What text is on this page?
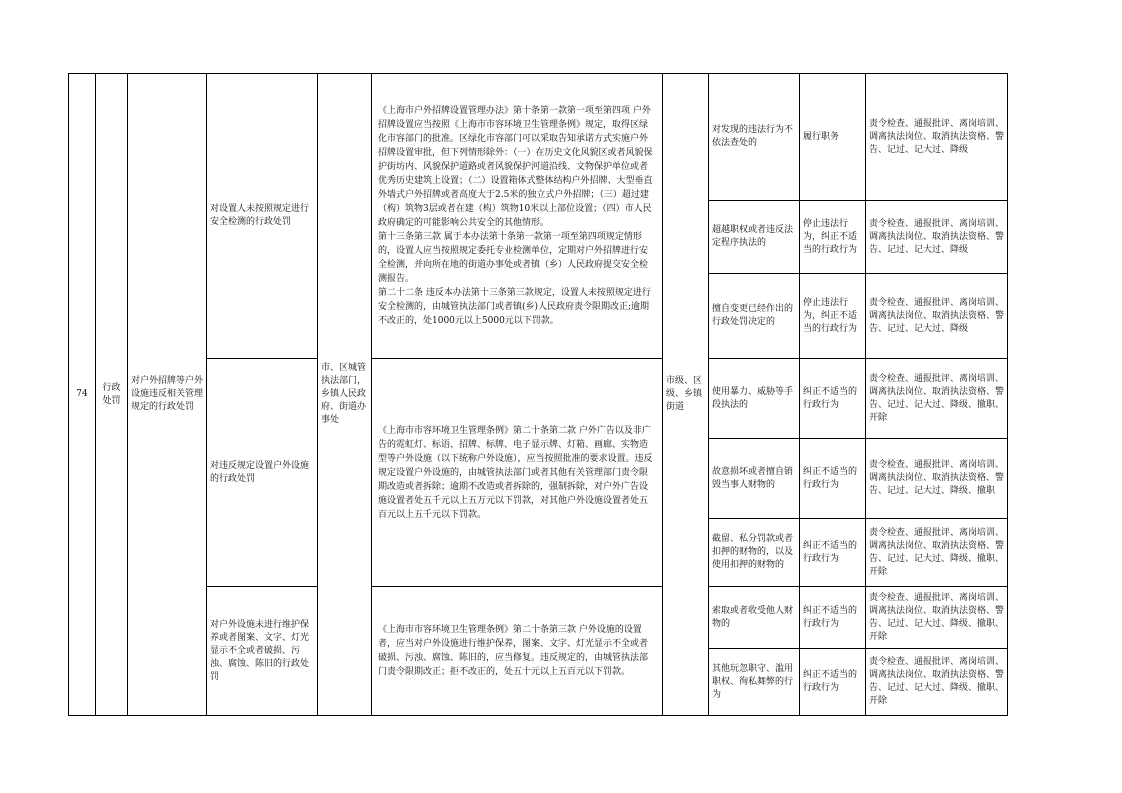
74	行政处罚	对户外招牌等户外设施违反相关管理规定的行政处罚	对设置人未按照规定进行安全检测的行政处罚	市、区城管执法部门，乡镇人民政府、街道办事处	《上海市户外招牌设置管理办法》第十条第一款第一项至第四项 户外招牌设置应当按照《上海市市容环境卫生管理条例》规定，取得区绿化市容部门的批准。区绿化市容部门可以采取告知承诺方式实施户外招牌设置审批，但下列情形除外：（一）在历史文化风貌区或者风貌保护街坊内、风貌保护道路或者风貌保护河道沿线、文物保护单位或者优秀历史建筑上设置；（二）设置箱体式整体结构户外招牌、大型垂直外墙式户外招牌或者高度大于2.5米的独立式户外招牌；（三）超过建（构）筑物3层或者在建（构）筑物10米以上部位设置；（四）市人民政府确定的可能影响公共安全的其他情形。
第十三条第三款 属于本办法第十条第一款第一项至第四项规定情形的，设置人应当按照规定委托专业检测单位，定期对户外招牌进行安全检测，并向所在地的街道办事处或者镇（乡）人民政府提交安全检测报告。
第二十二条 违反本办法第十三条第三款规定，设置人未按照规定进行安全检测的，由城管执法部门或者镇(乡)人民政府责令限期改正;逾期不改正的，处1000元以上5000元以下罚款。	市级、区级、乡镇街道	对发现的违法行为不依法查处的	履行职务	责令检查、通报批评、离岗培训、调离执法岗位、取消执法资格、警告、记过、记大过、降级
							超越职权或者违反法定程序执法的	停止违法行为，纠正不适当的行政行为	责令检查、通报批评、离岗培训、调离执法岗位、取消执法资格、警告、记过、记大过、降级
							擅自变更已经作出的行政处罚决定的	停止违法行为，纠正不适当的行政行为	责令检查、通报批评、离岗培训、调离执法岗位、取消执法资格、警告、记过、记大过、降级
			对违反规定设置户外设施的行政处罚		《上海市市容环境卫生管理条例》第二十条第二款 户外广告以及非广告的霓虹灯、标语、招牌、标牌、电子显示牌、灯箱、画廊、实物造型等户外设施（以下统称户外设施），应当按照批准的要求设置。违反规定设置户外设施的，由城管执法部门或者其他有关管理部门责令限期改造或者拆除；逾期不改造或者拆除的，强制拆除，对户外广告设施设置者处五千元以上五万元以下罚款，对其他户外设施设置者处五百元以上五千元以下罚款。		使用暴力、威胁等手段执法的	纠正不适当的行政行为	责令检查、通报批评、离岗培训、调离执法岗位、取消执法资格、警告、记过、记大过、降级、撤职、开除
							故意损坏或者擅自销毁当事人财物的	纠正不适当的行政行为	责令检查、通报批评、离岗培训、调离执法岗位、取消执法资格、警告、记过、记大过、降级、撤职
							截留、私分罚款或者扣押的财物的，以及使用扣押的财物的	纠正不适当的行政行为	责令检查、通报批评、离岗培训、调离执法岗位、取消执法资格、警告、记过、记大过、降级、撤职、开除
			对户外设施未进行维护保养或者图案、文字、灯光显示不全或者破损、污浊、腐蚀、陈旧的行政处罚		《上海市市容环境卫生管理条例》第二十条第三款 户外设施的设置者，应当对户外设施进行维护保养，图案、文字、灯光显示不全或者破损、污浊、腐蚀、陈旧的，应当修复。违反规定的，由城管执法部门责令限期改正；拒不改正的，处五十元以上五百元以下罚款。		索取或者收受他人财物的	纠正不适当的行政行为	责令检查、通报批评、离岗培训、调离执法岗位、取消执法资格、警告、记过、记大过、降级、撤职、开除
							其他玩忽职守、滥用职权、徇私舞弊的行为	纠正不适当的行政行为	责令检查、通报批评、离岗培训、调离执法岗位、取消执法资格、警告、记过、记大过、降级、撤职、开除
